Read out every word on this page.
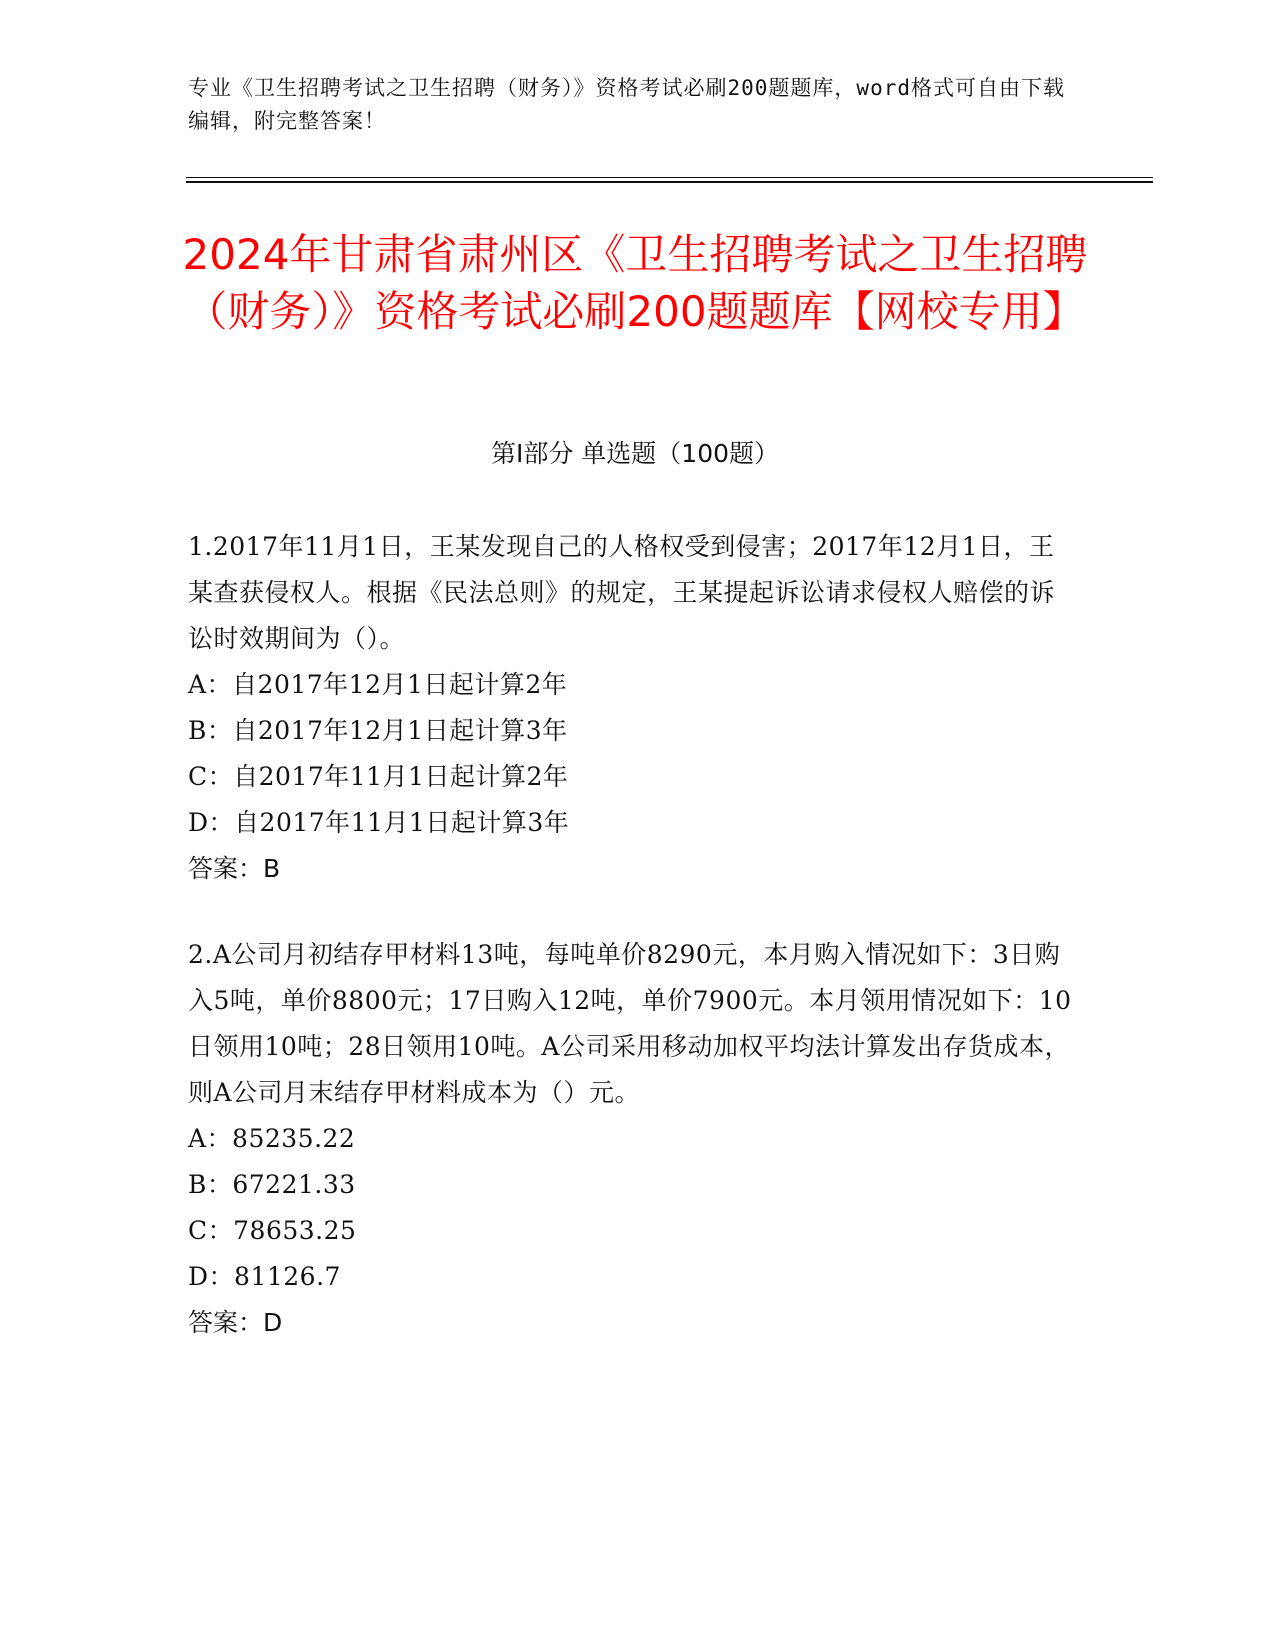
专业《卫生招聘考试之卫生招聘（财务）》资格考试必刷200题题库，word格式可自由下载编辑，附完整答案！
2024年甘肃省肃州区《卫生招聘考试之卫生招聘（财务）》资格考试必刷200题题库【网校专用】
第I部分 单选题（100题）

1.2017年11月1日，王某发现自己的人格权受到侵害；2017年12月1日，王某查获侵权人。根据《民法总则》的规定，王某提起诉讼请求侵权人赔偿的诉讼时效期间为（）。

A：自2017年12月1日起计算2年

B：自2017年12月1日起计算3年

C：自2017年11月1日起计算2年

D：自2017年11月1日起计算3年

答案：B

2.A公司月初结存甲材料13吨，每吨单价8290元，本月购入情况如下：3日购入5吨，单价8800元；17日购入12吨，单价7900元。本月领用情况如下：10日领用10吨；28日领用10吨。A公司采用移动加权平均法计算发出存货成本，则A公司月末结存甲材料成本为（）元。

A：85235.22

B：67221.33

C：78653.25

D：81126.7

答案：D
